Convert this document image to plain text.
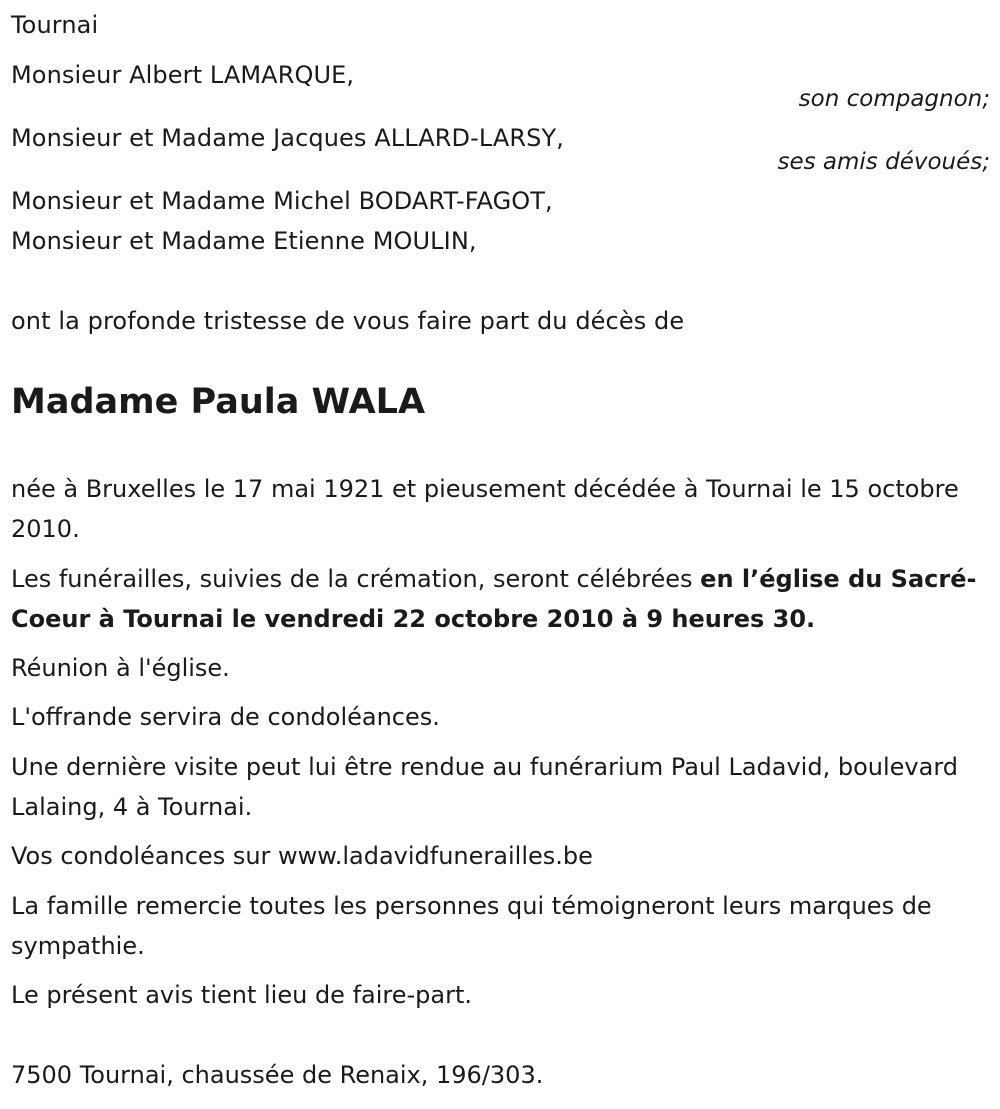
Tournai
Monsieur Albert LAMARQUE,
son compagnon;
Monsieur et Madame Jacques ALLARD-LARSY,
ses amis dévoués;
Monsieur et Madame Michel BODART-FAGOT,
Monsieur et Madame Etienne MOULIN,
ont la profonde tristesse de vous faire part du décès de
Madame Paula WALA
née à Bruxelles le 17 mai 1921 et pieusement décédée à Tournai le 15 octobre 2010.
Les funérailles, suivies de la crémation, seront célébrées en l’église du Sacré-Coeur à Tournai le vendredi 22 octobre 2010 à 9 heures 30.
Réunion à l'église.
L'offrande servira de condoléances.
Une dernière visite peut lui être rendue au funérarium Paul Ladavid, boulevard Lalaing, 4 à Tournai.
Vos condoléances sur www.ladavidfunerailles.be
La famille remercie toutes les personnes qui témoigneront leurs marques de sympathie.
Le présent avis tient lieu de faire-part.
7500 Tournai, chaussée de Renaix, 196/303.
